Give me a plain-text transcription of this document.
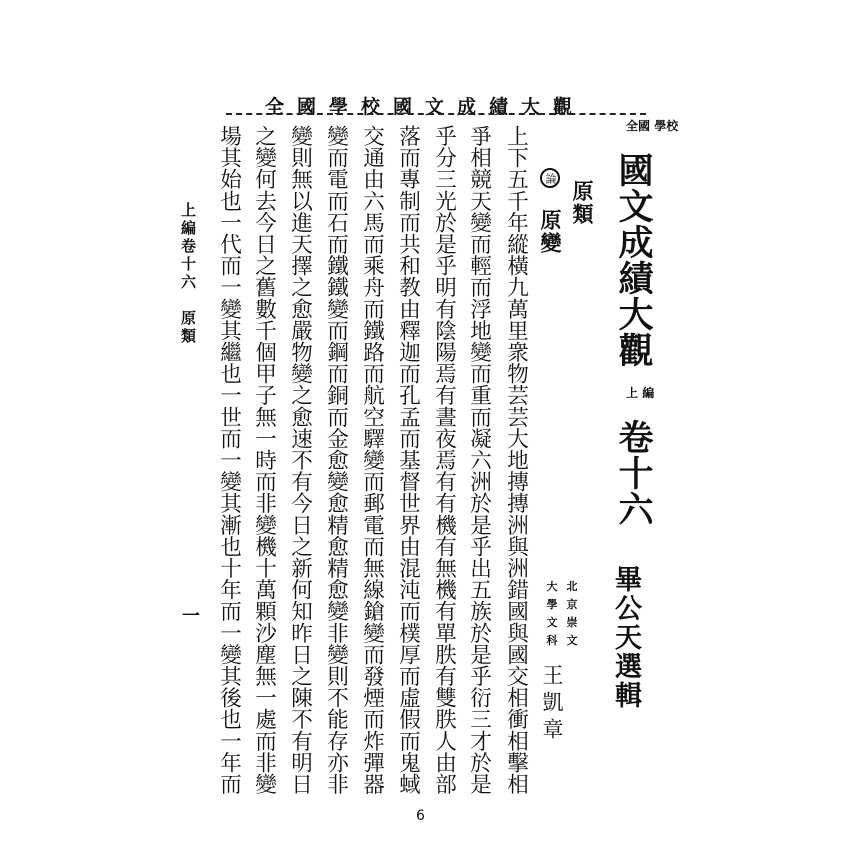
全國學校國文成績大觀
全國 學校 國文成績大觀 上 編 卷十六
畢公天選輯
原類
論 原變
北
京
崇
文
大
學
文
科
王凱章
上下五千年縱橫九萬里衆物芸芸大地摶摶洲與洲錯國與國交相衝相擊相
爭相競天變而輕而浮地變而重而凝六洲於是乎出五族於是乎衍三才於是
乎分三光於是乎明有陰陽焉有晝夜焉有有機有無機有單胅有雙胅人由部
落而專制而共和教由釋迦而孔孟而基督世界由混沌而樸厚而虛假而鬼蜮
交通由六馬而乘舟而鐵路而航空驛變而郵電而無線鎗變而發煙而炸彈器
變而電而石而鐵鐵變而鋼而銅而金愈變愈精愈精愈變非變則不能存亦非
變則無以進天擇之愈嚴物變之愈速不有今日之新何知昨日之陳不有明日
之變何去今日之舊數千個甲子無一時而非變機十萬顆沙塵無一處而非變
場其始也一代而一變其繼也一世而一變其漸也十年而一變其後也一年而
上編卷十六　原類
一
6
